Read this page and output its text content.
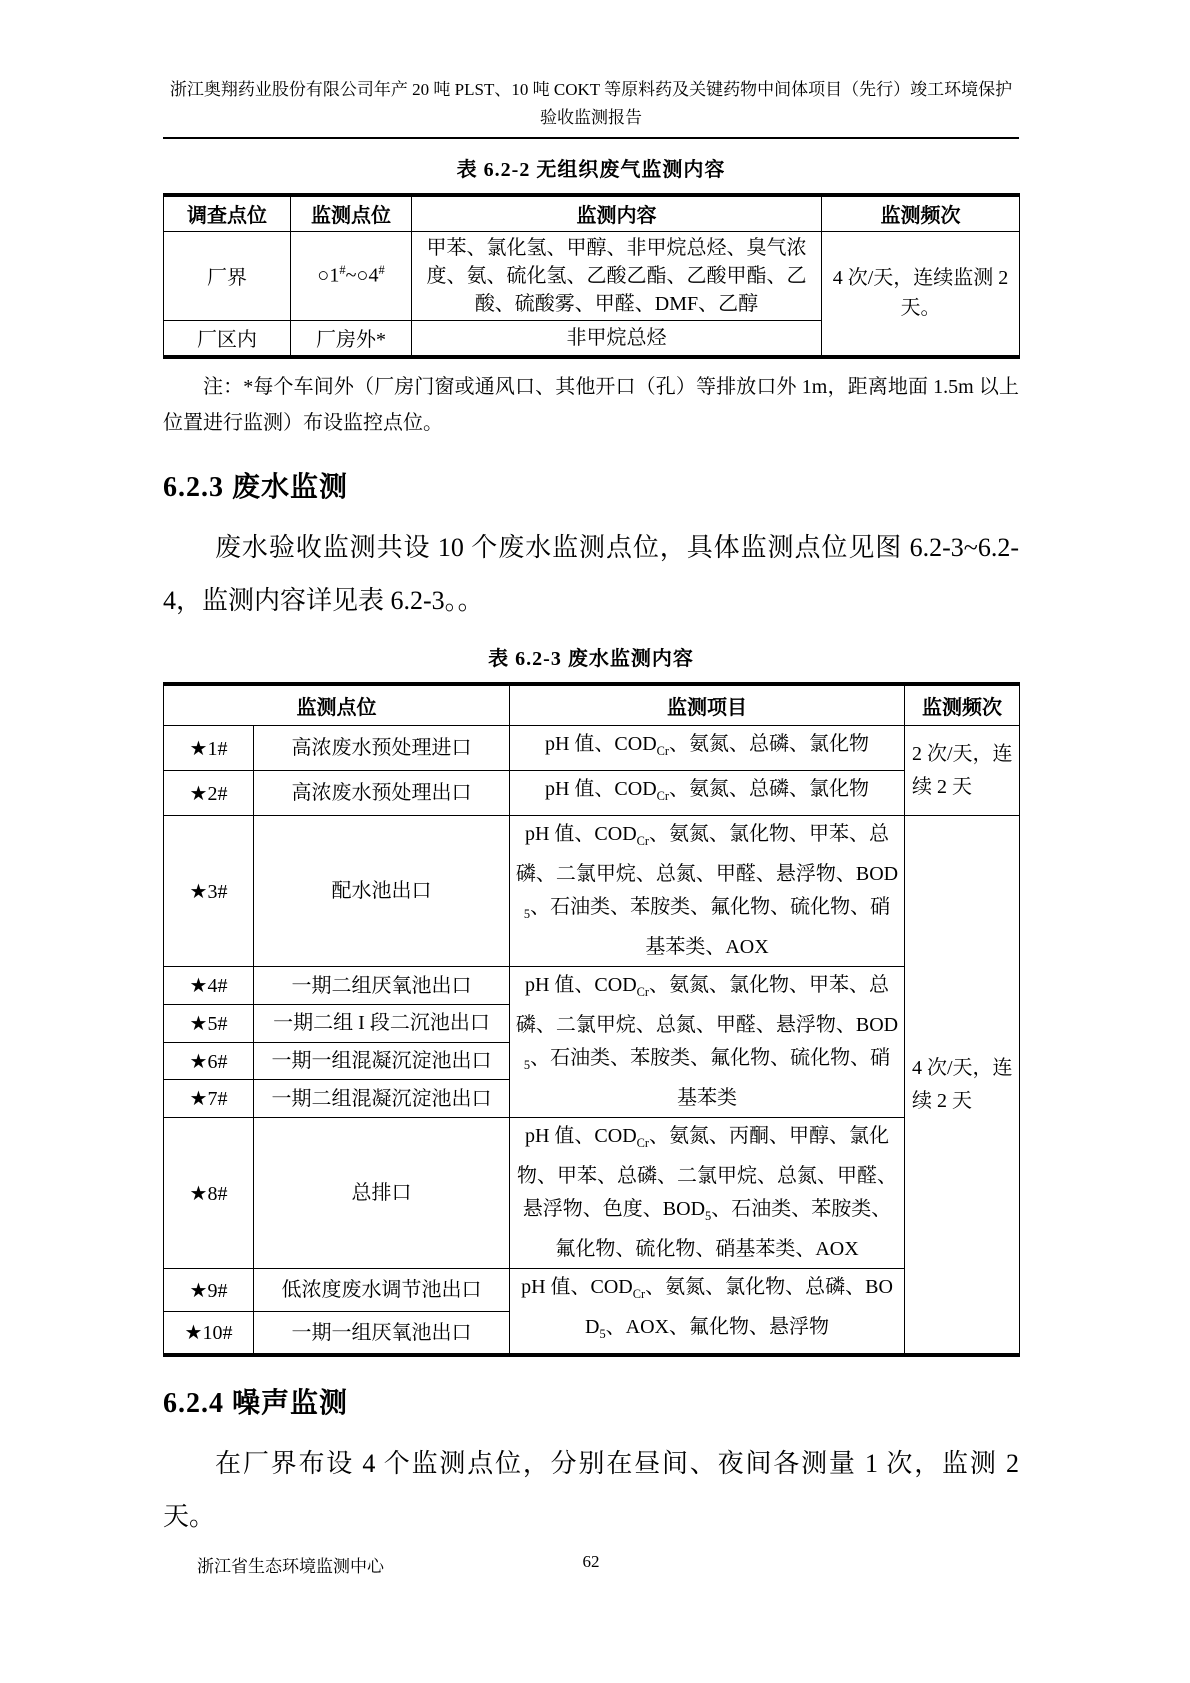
浙江奥翔药业股份有限公司年产 20 吨 PLST、10 吨 COKT 等原料药及关键药物中间体项目（先行）竣工环境保护验收监测报告
表 6.2-2 无组织废气监测内容
调查点位	监测点位	监测内容	监测频次
厂界	○1#~○4#	甲苯、氯化氢、甲醇、非甲烷总烃、臭气浓度、氨、硫化氢、乙酸乙酯、乙酸甲酯、乙酸、硫酸雾、甲醛、DMF、乙醇	4 次/天，连续监测 2 天。
厂区内	厂房外*	非甲烷总烃	
注：*每个车间外（厂房门窗或通风口、其他开口（孔）等排放口外 1m，距离地面 1.5m 以上位置进行监测）布设监控点位。
6.2.3 废水监测
废水验收监测共设 10 个废水监测点位，具体监测点位见图 6.2-3~6.2-4，监测内容详见表 6.2-3。。
表 6.2-3 废水监测内容
监测点位		监测项目	监测频次
★1#	高浓废水预处理进口	pH 值、$COD_{Cr}$、氨氮、总磷、氯化物	2 次/天，连续 2 天
★2#	高浓废水预处理出口	pH 值、$COD_{Cr}$、氨氮、总磷、氯化物	
★3#	配水池出口	pH 值、$COD_{Cr}$、氨氮、氯化物、甲苯、总磷、二氯甲烷、总氮、甲醛、悬浮物、$BOD_5$、石油类、苯胺类、氟化物、硫化物、硝基苯类、AOX	4 次/天，连续 2 天
★4#	一期二组厌氧池出口	pH 值、$COD_{Cr}$、氨氮、氯化物、甲苯、总磷、二氯甲烷、总氮、甲醛、悬浮物、$BOD_5$、石油类、苯胺类、氟化物、硫化物、硝基苯类	
★5#	一期二组 I 段二沉池出口		
★6#	一期一组混凝沉淀池出口		
★7#	一期二组混凝沉淀池出口		
★8#	总排口	pH 值、$COD_{Cr}$、氨氮、丙酮、甲醇、氯化物、甲苯、总磷、二氯甲烷、总氮、甲醛、悬浮物、色度、$BOD_5$、石油类、苯胺类、氟化物、硫化物、硝基苯类、AOX	
★9#	低浓度废水调节池出口	pH 值、$COD_{Cr}$、氨氮、氯化物、总磷、$BOD_5$、AOX、氟化物、悬浮物	
★10#	一期一组厌氧池出口		
6.2.4 噪声监测
在厂界布设 4 个监测点位，分别在昼间、夜间各测量 1 次，监测 2 天。
62
浙江省生态环境监测中心
